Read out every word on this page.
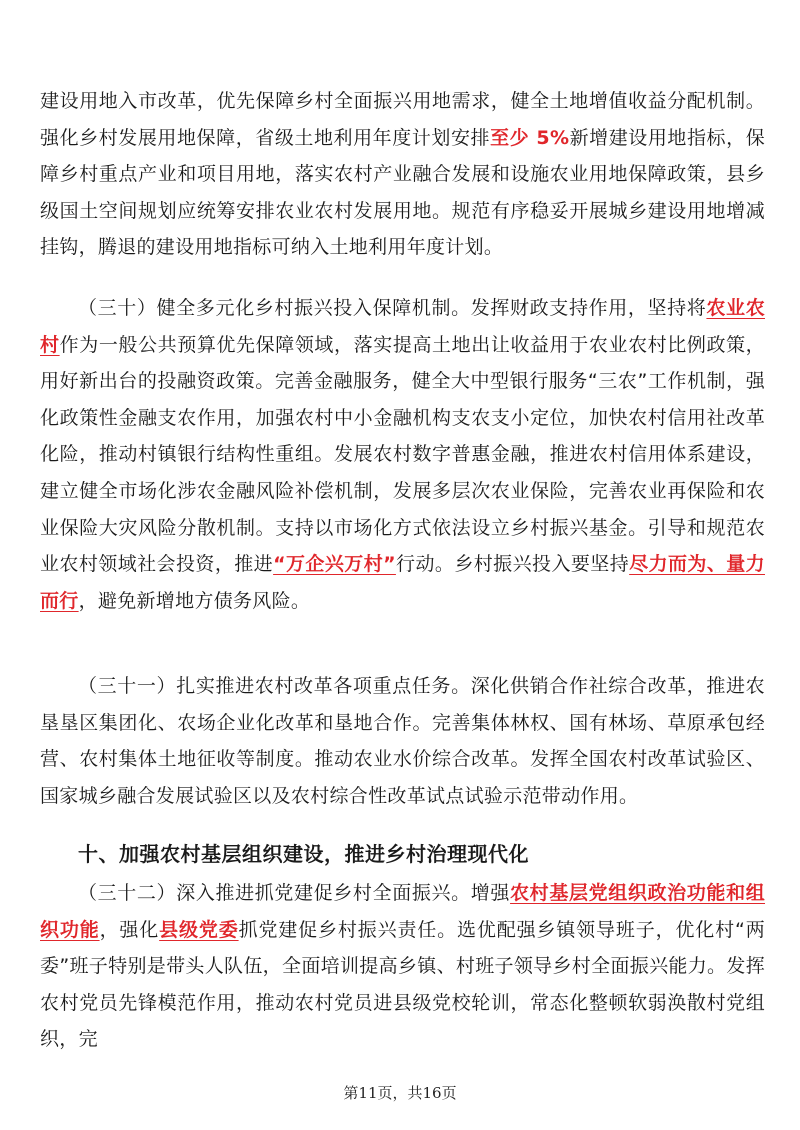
建设用地入市改革，优先保障乡村全面振兴用地需求，健全土地增值收益分配机制。强化乡村发展用地保障，省级土地利用年度计划安排至少 5%新增建设用地指标，保障乡村重点产业和项目用地，落实农村产业融合发展和设施农业用地保障政策，县乡级国土空间规划应统筹安排农业农村发展用地。规范有序稳妥开展城乡建设用地增减挂钩，腾退的建设用地指标可纳入土地利用年度计划。

（三十）健全多元化乡村振兴投入保障机制。发挥财政支持作用，坚持将农业农村作为一般公共预算优先保障领域，落实提高土地出让收益用于农业农村比例政策，用好新出台的投融资政策。完善金融服务，健全大中型银行服务“三农”工作机制，强化政策性金融支农作用，加强农村中小金融机构支农支小定位，加快农村信用社改革化险，推动村镇银行结构性重组。发展农村数字普惠金融，推进农村信用体系建设，建立健全市场化涉农金融风险补偿机制，发展多层次农业保险，完善农业再保险和农业保险大灾风险分散机制。支持以市场化方式依法设立乡村振兴基金。引导和规范农业农村领域社会投资，推进“万企兴万村”行动。乡村振兴投入要坚持尽力而为、量力而行，避免新增地方债务风险。

（三十一）扎实推进农村改革各项重点任务。深化供销合作社综合改革，推进农垦垦区集团化、农场企业化改革和垦地合作。完善集体林权、国有林场、草原承包经营、农村集体土地征收等制度。推动农业水价综合改革。发挥全国农村改革试验区、国家城乡融合发展试验区以及农村综合性改革试点试验示范带动作用。

十、加强农村基层组织建设，推进乡村治理现代化

（三十二）深入推进抓党建促乡村全面振兴。增强农村基层党组织政治功能和组织功能，强化县级党委抓党建促乡村振兴责任。选优配强乡镇领导班子，优化村“两委”班子特别是带头人队伍，全面培训提高乡镇、村班子领导乡村全面振兴能力。发挥农村党员先锋模范作用，推动农村党员进县级党校轮训，常态化整顿软弱涣散村党组织，完

第11页，共16页
